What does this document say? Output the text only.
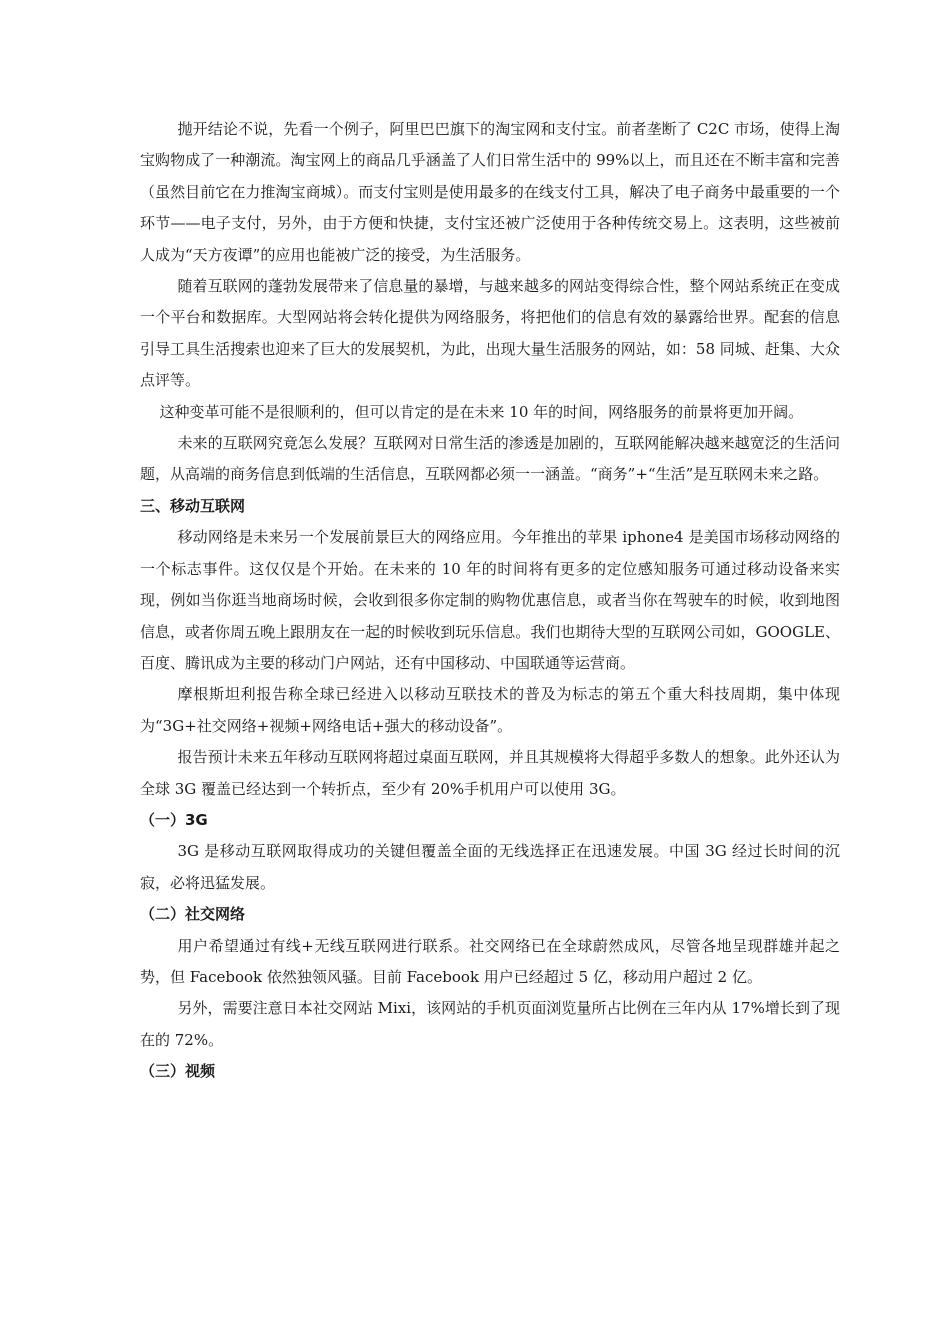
抛开结论不说，先看一个例子，阿里巴巴旗下的淘宝网和支付宝。前者垄断了 C2C 市场，使得上淘宝购物成了一种潮流。淘宝网上的商品几乎涵盖了人们日常生活中的 99%以上，而且还在不断丰富和完善（虽然目前它在力推淘宝商城）。而支付宝则是使用最多的在线支付工具，解决了电子商务中最重要的一个环节——电子支付，另外，由于方便和快捷，支付宝还被广泛使用于各种传统交易上。这表明，这些被前人成为“天方夜谭”的应用也能被广泛的接受，为生活服务。

随着互联网的蓬勃发展带来了信息量的暴增，与越来越多的网站变得综合性，整个网站系统正在变成一个平台和数据库。大型网站将会转化提供为网络服务，将把他们的信息有效的暴露给世界。配套的信息引导工具生活搜索也迎来了巨大的发展契机，为此，出现大量生活服务的网站，如：58 同城、赶集、大众点评等。

这种变革可能不是很顺利的，但可以肯定的是在未来 10 年的时间，网络服务的前景将更加开阔。

未来的互联网究竟怎么发展？互联网对日常生活的渗透是加剧的，互联网能解决越来越宽泛的生活问题，从高端的商务信息到低端的生活信息，互联网都必须一一涵盖。“商务”+“生活”是互联网未来之路。

三、移动互联网

移动网络是未来另一个发展前景巨大的网络应用。今年推出的苹果 iphone4 是美国市场移动网络的一个标志事件。这仅仅是个开始。在未来的 10 年的时间将有更多的定位感知服务可通过移动设备来实现，例如当你逛当地商场时候，会收到很多你定制的购物优惠信息，或者当你在驾驶车的时候，收到地图信息，或者你周五晚上跟朋友在一起的时候收到玩乐信息。我们也期待大型的互联网公司如，GOOGLE、百度、腾讯成为主要的移动门户网站，还有中国移动、中国联通等运营商。

摩根斯坦利报告称全球已经进入以移动互联技术的普及为标志的第五个重大科技周期，集中体现为“3G+社交网络+视频+网络电话+强大的移动设备”。

报告预计未来五年移动互联网将超过桌面互联网，并且其规模将大得超乎多数人的想象。此外还认为全球 3G 覆盖已经达到一个转折点，至少有 20%手机用户可以使用 3G。

（一）3G

3G 是移动互联网取得成功的关键但覆盖全面的无线选择正在迅速发展。中国 3G 经过长时间的沉寂，必将迅猛发展。

（二）社交网络

用户希望通过有线+无线互联网进行联系。社交网络已在全球蔚然成风，尽管各地呈现群雄并起之势，但 Facebook 依然独领风骚。目前 Facebook 用户已经超过 5 亿，移动用户超过 2 亿。

另外，需要注意日本社交网站 Mixi，该网站的手机页面浏览量所占比例在三年内从 17%增长到了现在的 72%。

（三）视频
